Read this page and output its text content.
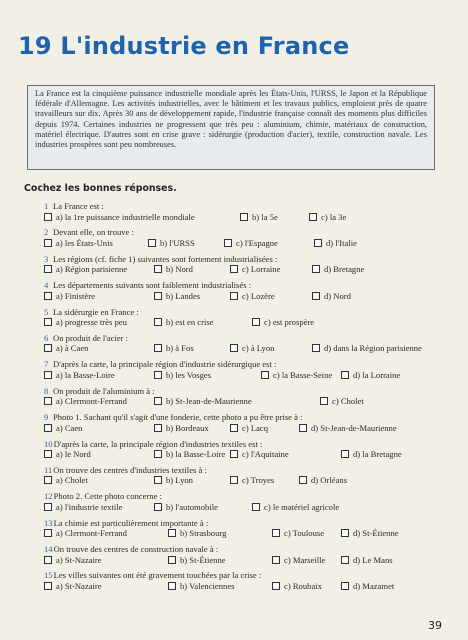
19 L'industrie en France
La France est la cinquième puissance industrielle mondiale après les États-Unis, l'URSS, le Japon et la République fédérale d'Allemagne. Les activités industrielles, avec le bâtiment et les travaux publics, emploient près de quatre travailleurs sur dix. Après 30 ans de développement rapide, l'industrie française connaît des moments plus difficiles depuis 1974. Certaines industries ne progressent que très peu : aluminium, chimie, matériaux de construction, matériel électrique. D'autres sont en crise grave : sidérurgie (production d'acier), textile, construction navale. Les industries prospères sont peu nombreuses.
Cochez les bonnes réponses.
1 La France est :
a) la 1re puissance industrielle mondiale	b) la 5e	c) la 3e
2 Devant elle, on trouve :
a) les États-Unis	b) l'URSS	c) l'Espagne	d) l'Italie
3 Les régions (cf. fiche 1) suivantes sont fortement industrialisées :
a) Région parisienne	b) Nord	c) Lorraine	d) Bretagne
4 Les départements suivants sont faiblement industrialisés :
a) Finistère	b) Landes	c) Lozère	d) Nord
5 La sidérurgie en France :
a) progresse très peu	b) est en crise	c) est prospère
6 On produit de l'acier :
a) à Caen	b) à Fos	c) à Lyon	d) dans la Région parisienne
7 D'après la carte, la principale région d'industrie sidérurgique est :
a) la Basse-Loire	b) les Vosges	c) la Basse-Seine	d) la Lorraine
8 On produit de l'aluminium à :
a) Clermont-Ferrand	b) St-Jean-de-Maurienne	c) Cholet
9 Photo 1. Sachant qu'il s'agit d'une fonderie, cette photo a pu être prise à :
a) Caen	b) Bordeaux	c) Lacq	d) St-Jean-de-Maurienne
10D'après la carte, la principale région d'industries textiles est :
a) le Nord	b) la Basse-Loire	c) l'Aquitaine	d) la Bretagne
11On trouve des centres d'industries textiles à :
a) Cholet	b) Lyon	c) Troyes	d) Orléans
12Photo 2. Cette photo concerne :
a) l'industrie textile	b) l'automobile	c) le matériel agricole
13La chimie est particulièrement importante à :
a) Clermont-Ferrand	b) Strasbourg	c) Toulouse	d) St-Étienne
14On trouve des centres de construction navale à :
a) St-Nazaire	b) St-Étienne	c) Marseille	d) Le Mans
15Les villes suivantes ont été gravement touchées par la crise :
a) St-Nazaire	b) Valenciennes	c) Roubaix	d) Mazamet
39
